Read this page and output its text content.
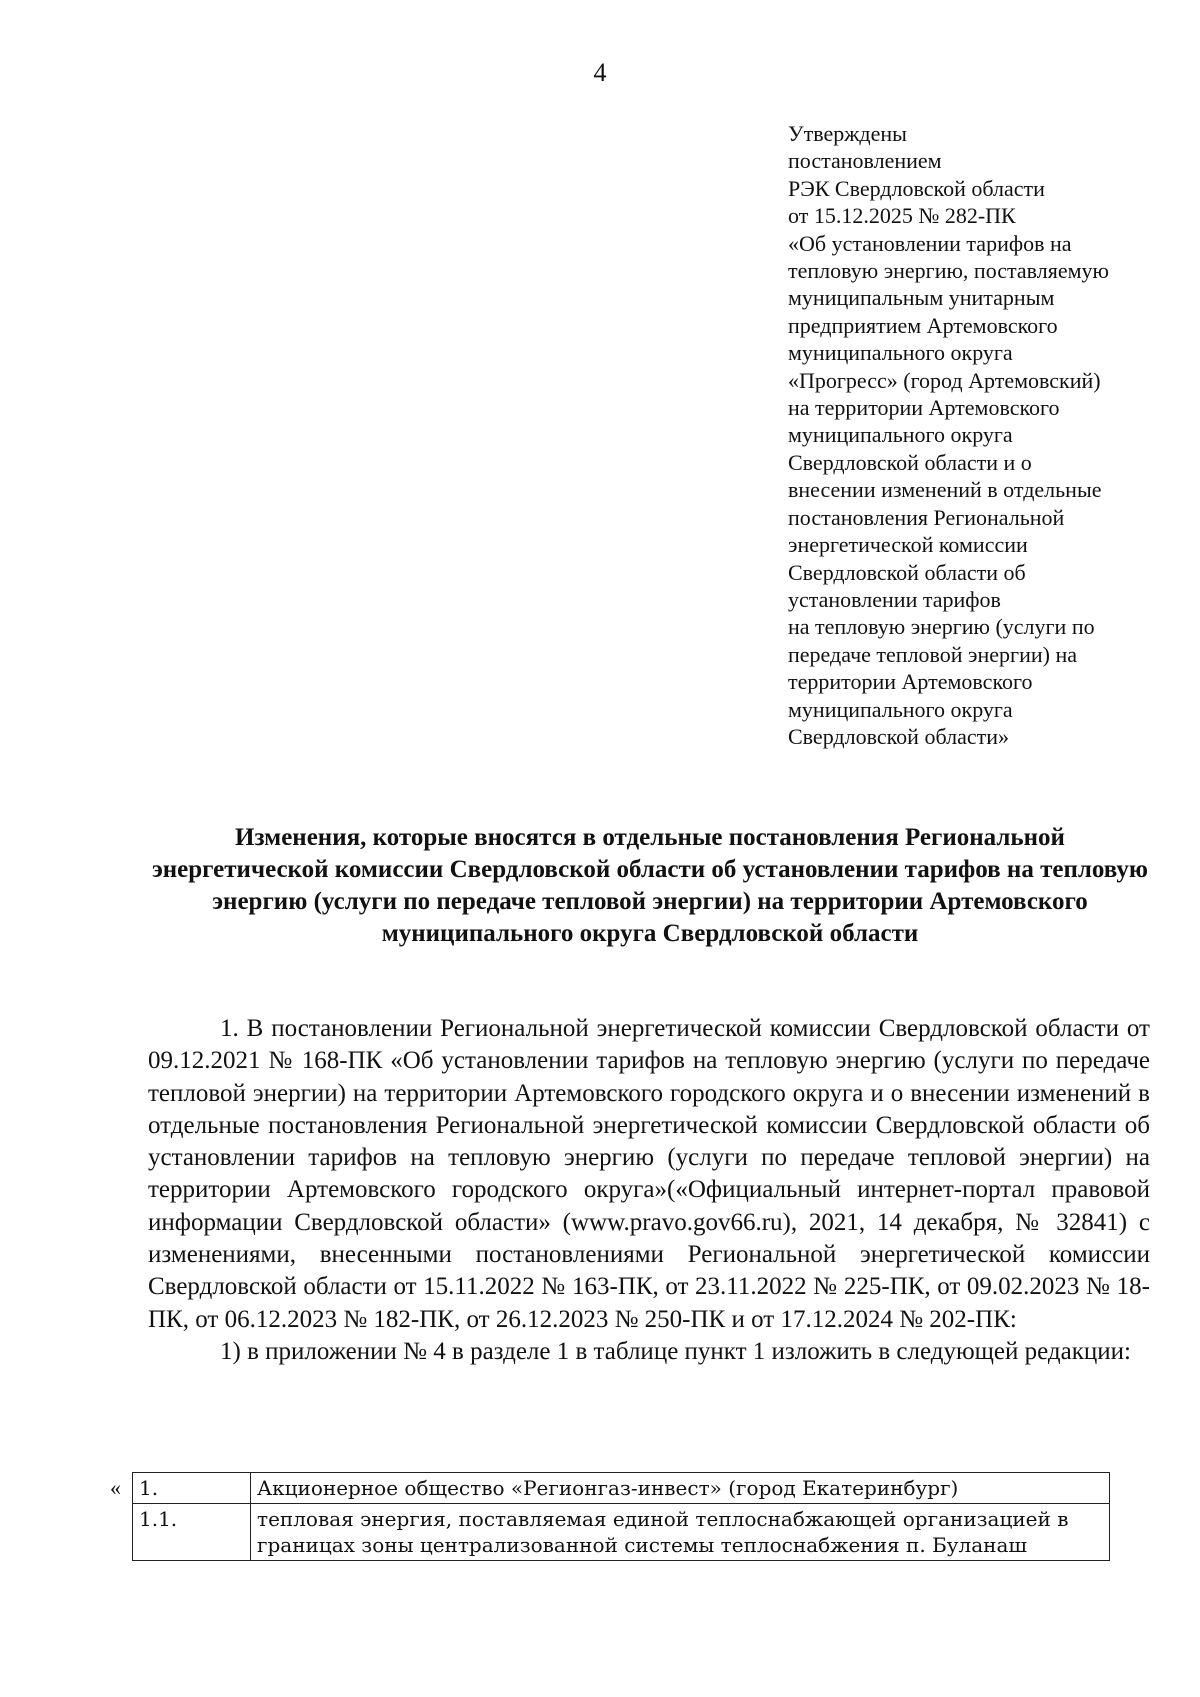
4
Утверждены
постановлением
РЭК Свердловской области
от 15.12.2025 № 282-ПК
«Об установлении тарифов на
тепловую энергию, поставляемую
муниципальным унитарным
предприятием Артемовского
муниципального округа
«Прогресс» (город Артемовский)
на территории Артемовского
муниципального округа
Свердловской области и о
внесении изменений в отдельные
постановления Региональной
энергетической комиссии
Свердловской области об
установлении тарифов
на тепловую энергию (услуги по
передаче тепловой энергии) на
территории Артемовского
муниципального округа
Свердловской области»
Изменения, которые вносятся в отдельные постановления Региональной энергетической комиссии Свердловской области об установлении тарифов на тепловую энергию (услуги по передаче тепловой энергии) на территории Артемовского муниципального округа Свердловской области

1. В постановлении Региональной энергетической комиссии Свердловской области от 09.12.2021 № 168-ПК «Об установлении тарифов на тепловую энергию (услуги по передаче тепловой энергии) на территории Артемовского городского округа и о внесении изменений в отдельные постановления Региональной энергетической комиссии Свердловской области об установлении тарифов на тепловую энергию (услуги по передаче тепловой энергии) на территории Артемовского городского округа»(«Официальный интернет-портал правовой информации Свердловской области» (www.pravo.gov66.ru), 2021, 14 декабря, № 32841) с изменениями, внесенными постановлениями Региональной энергетической комиссии Свердловской области от 15.11.2022 № 163-ПК, от 23.11.2022 № 225-ПК, от 09.02.2023 № 18-ПК, от 06.12.2023 № 182-ПК, от 26.12.2023 № 250-ПК и от 17.12.2024 № 202-ПК:

1) в приложении № 4 в разделе 1 в таблице пункт 1 изложить в следующей редакции:

« 1.	Акционерное общество «Регионгаз-инвест» (город Екатеринбург)
1.1.	тепловая энергия, поставляемая единой теплоснабжающей организацией в границах зоны централизованной системы теплоснабжения п. Буланаш
